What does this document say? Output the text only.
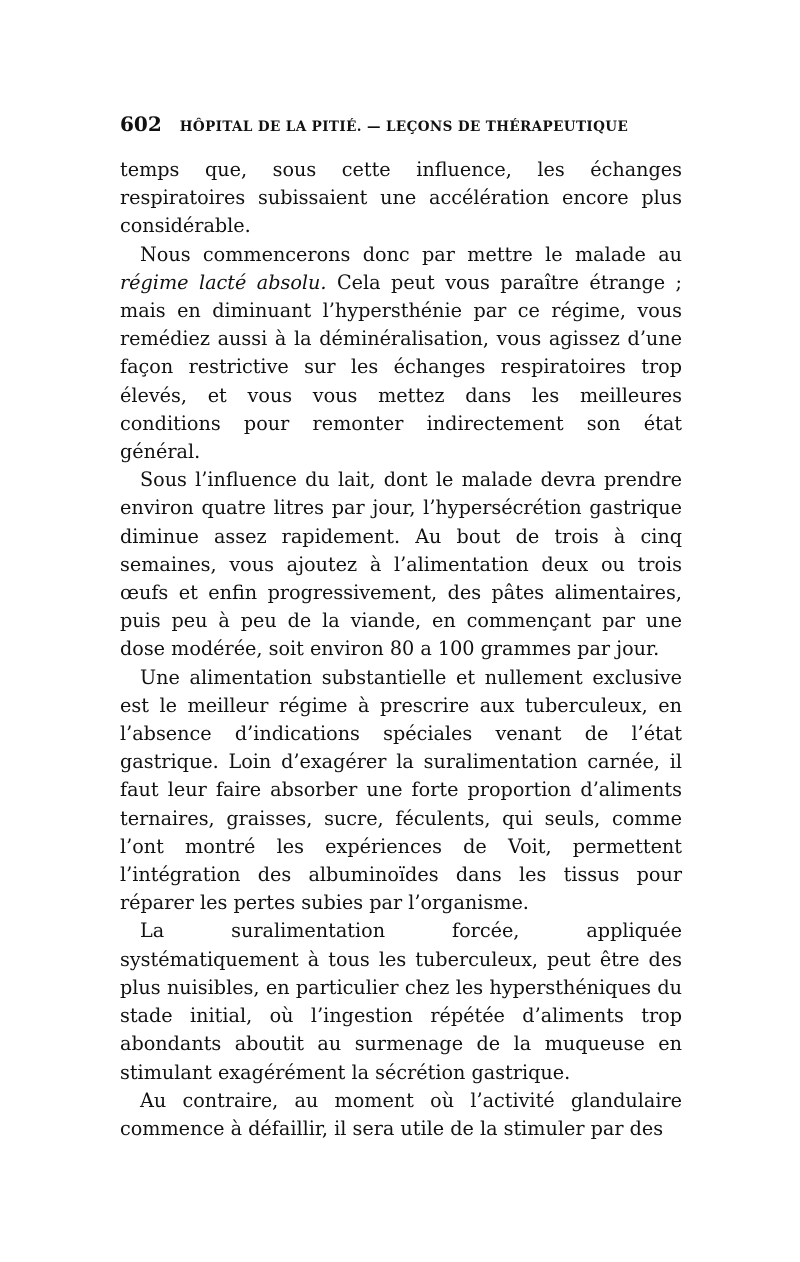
602 HÔPITAL DE LA PITIÉ. — LEÇONS DE THÉRAPEUTIQUE

temps que, sous cette influence, les échanges respiratoires subissaient une accélération encore plus considérable.

Nous commencerons donc par mettre le malade au régime lacté absolu. Cela peut vous paraître étrange ; mais en diminuant l’hypersthénie par ce régime, vous remédiez aussi à la déminéralisation, vous agissez d’une façon restrictive sur les échanges respiratoires trop élevés, et vous vous mettez dans les meilleures conditions pour remonter indirectement son état général.

Sous l’influence du lait, dont le malade devra prendre environ quatre litres par jour, l’hypersécrétion gastrique diminue assez rapidement. Au bout de trois à cinq semaines, vous ajoutez à l’alimentation deux ou trois œufs et enfin progressivement, des pâtes alimentaires, puis peu à peu de la viande, en commençant par une dose modérée, soit environ 80 a 100 grammes par jour.

Une alimentation substantielle et nullement exclusive est le meilleur régime à prescrire aux tuberculeux, en l’absence d’indications spéciales venant de l’état gastrique. Loin d’exagérer la suralimentation carnée, il faut leur faire absorber une forte proportion d’aliments ternaires, graisses, sucre, féculents, qui seuls, comme l’ont montré les expériences de Voit, permettent l’intégration des albuminoïdes dans les tissus pour réparer les pertes subies par l’organisme.

La suralimentation forcée, appliquée systématiquement à tous les tuberculeux, peut être des plus nuisibles, en particulier chez les hypersthéniques du stade initial, où l’ingestion répétée d’aliments trop abondants aboutit au surmenage de la muqueuse en stimulant exagérément la sécrétion gastrique.

Au contraire, au moment où l’activité glandulaire commence à défaillir, il sera utile de la stimuler par des
